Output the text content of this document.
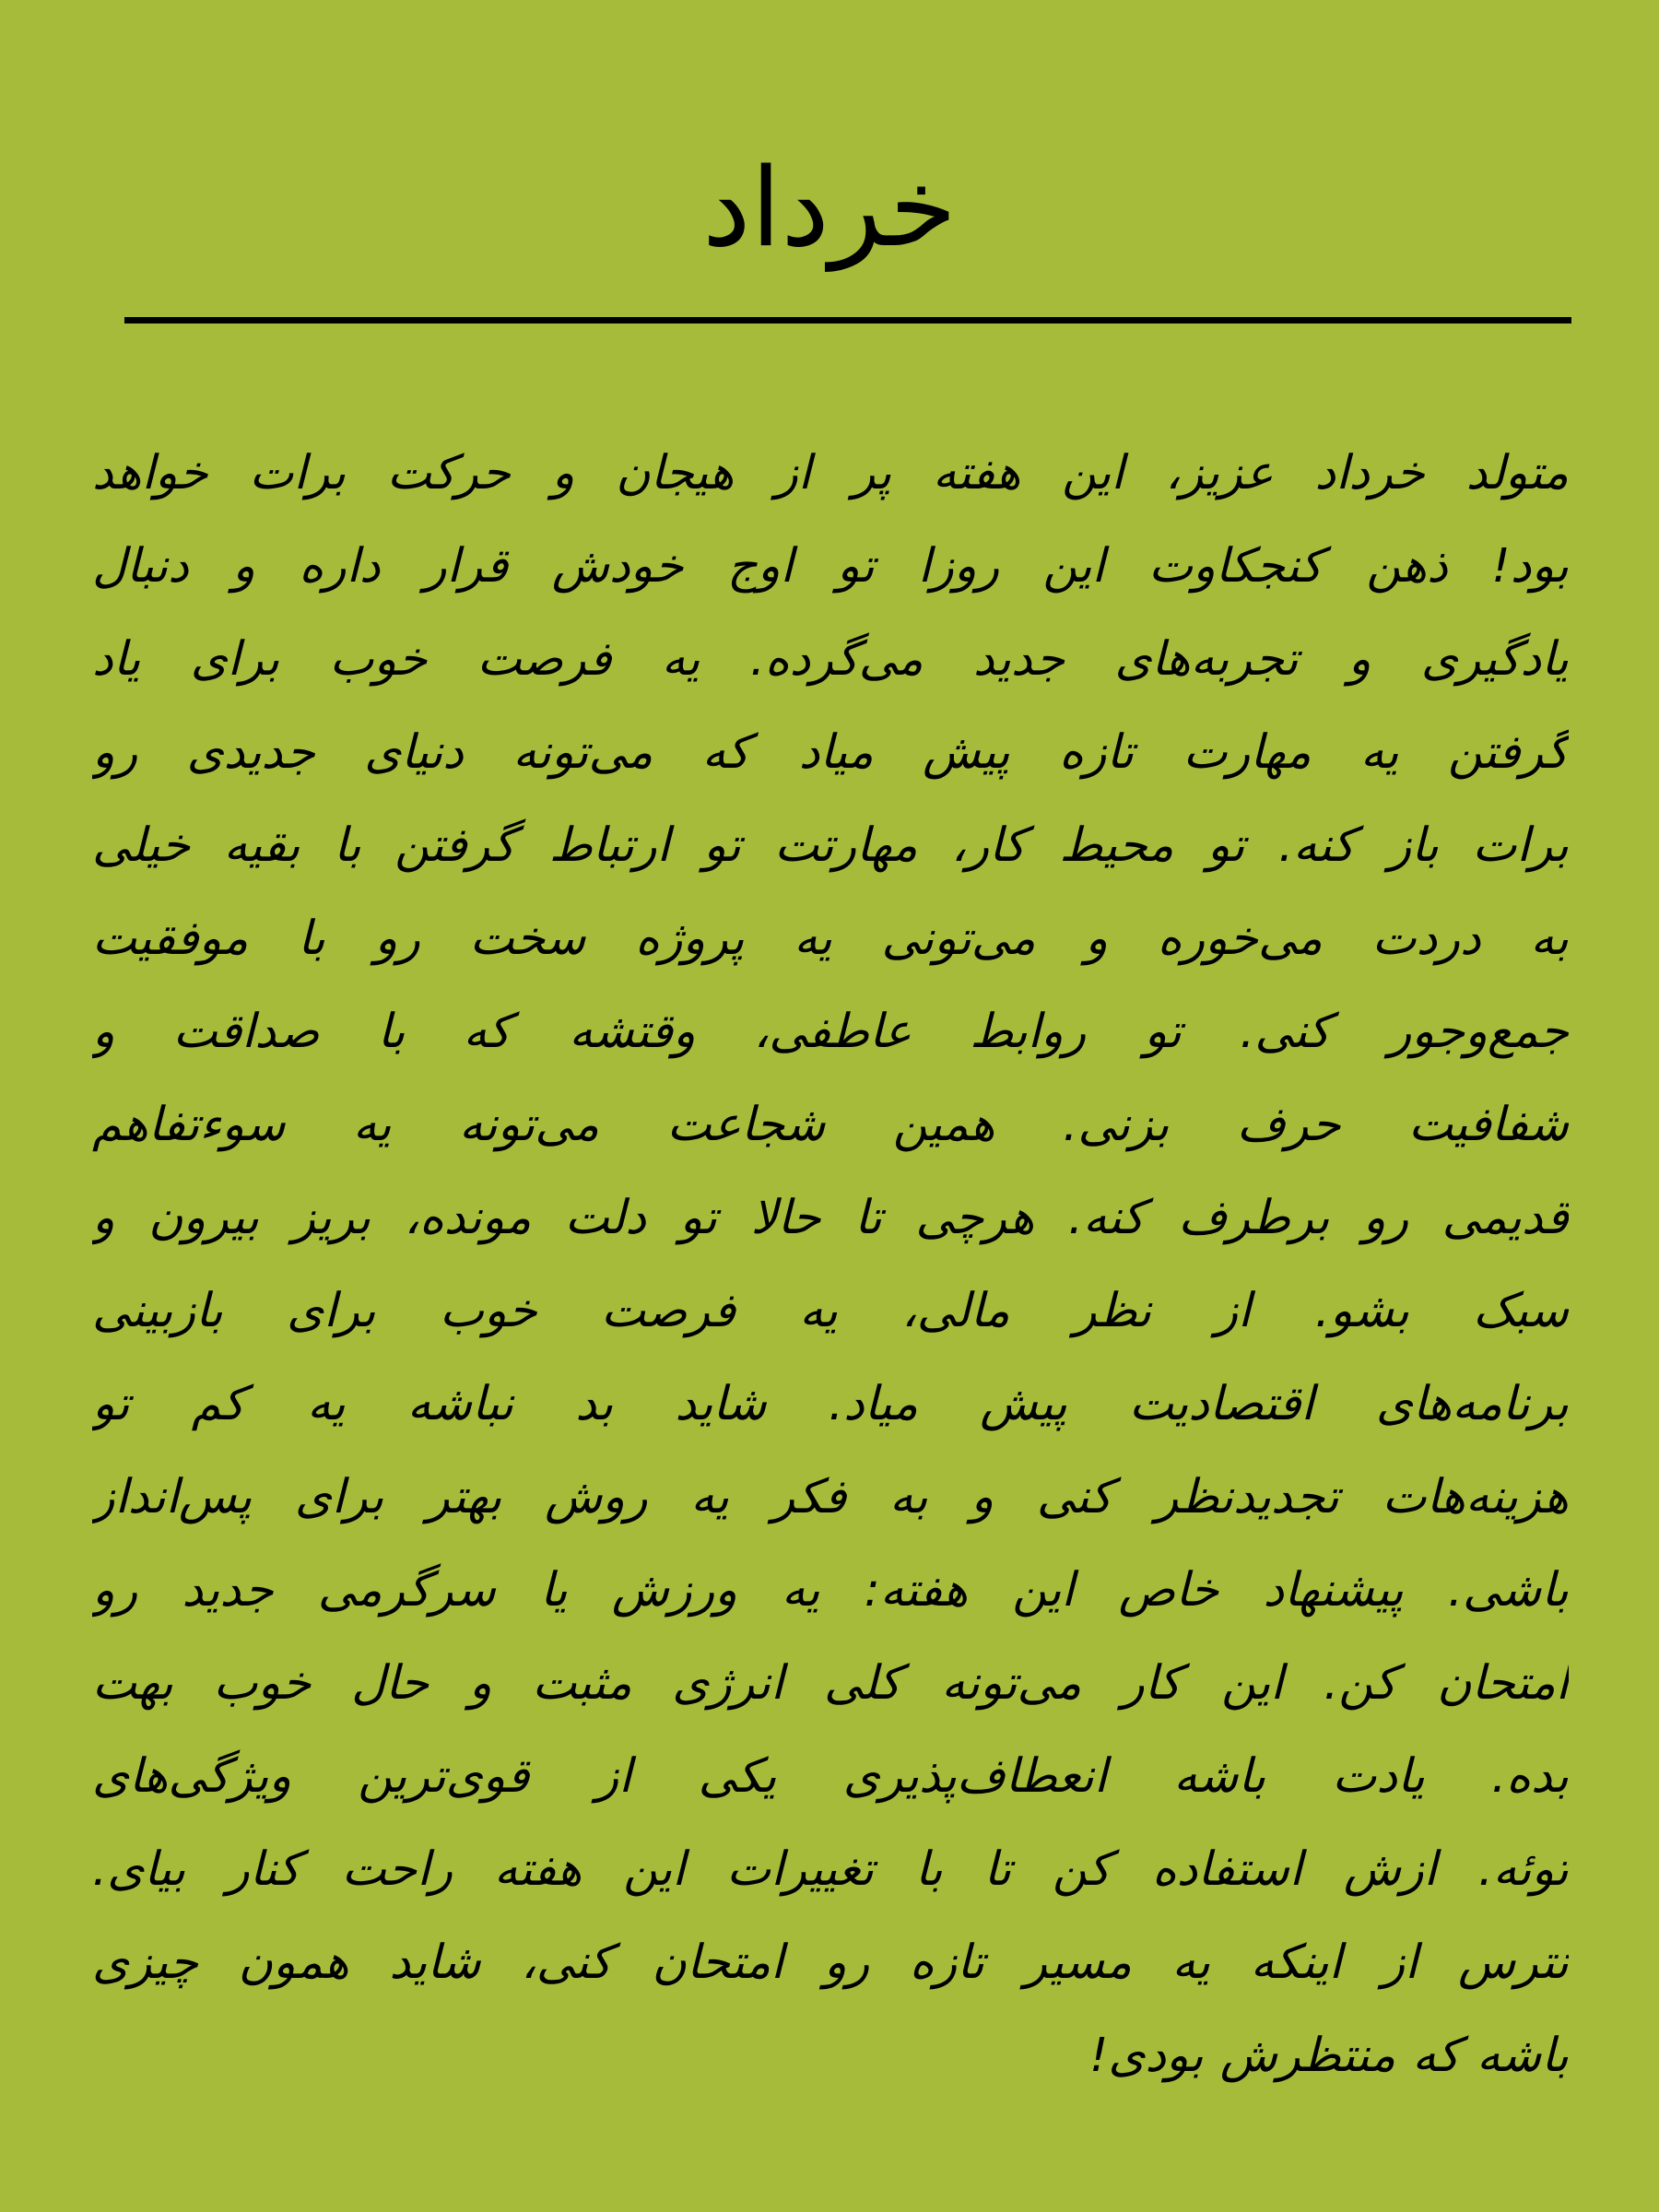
خرداد
متولد خرداد عزیز، این هفته پر از هیجان و حرکت برات خواهد
بود! ذهن کنجکاوت این روزا تو اوج خودش قرار داره و دنبال
یادگیری و تجربه‌های جدید می‌گرده. یه فرصت خوب برای یاد
گرفتن یه مهارت تازه پیش میاد که می‌تونه دنیای جدیدی رو
برات باز کنه. تو محیط کار، مهارتت تو ارتباط گرفتن با بقیه خیلی
به دردت می‌خوره و می‌تونی یه پروژه سخت رو با موفقیت
جمع‌وجور کنی. تو روابط عاطفی، وقتشه که با صداقت و
شفافیت حرف بزنی. همین شجاعت می‌تونه یه سوءتفاهم
قدیمی رو برطرف کنه. هرچی تا حالا تو دلت مونده، بریز بیرون و
سبک بشو. از نظر مالی، یه فرصت خوب برای بازبینی
برنامه‌های اقتصادیت پیش میاد. شاید بد نباشه یه کم تو
هزینه‌هات تجدیدنظر کنی و به فکر یه روش بهتر برای پس‌انداز
باشی. پیشنهاد خاص این هفته: یه ورزش یا سرگرمی جدید رو
امتحان کن. این کار می‌تونه کلی انرژی مثبت و حال خوب بهت
بده. یادت باشه انعطاف‌پذیری یکی از قوی‌ترین ویژگی‌های
توئه. ازش استفاده کن تا با تغییرات این هفته راحت کنار بیای.
نترس از اینکه یه مسیر تازه رو امتحان کنی، شاید همون چیزی
باشه که منتظرش بودی!
